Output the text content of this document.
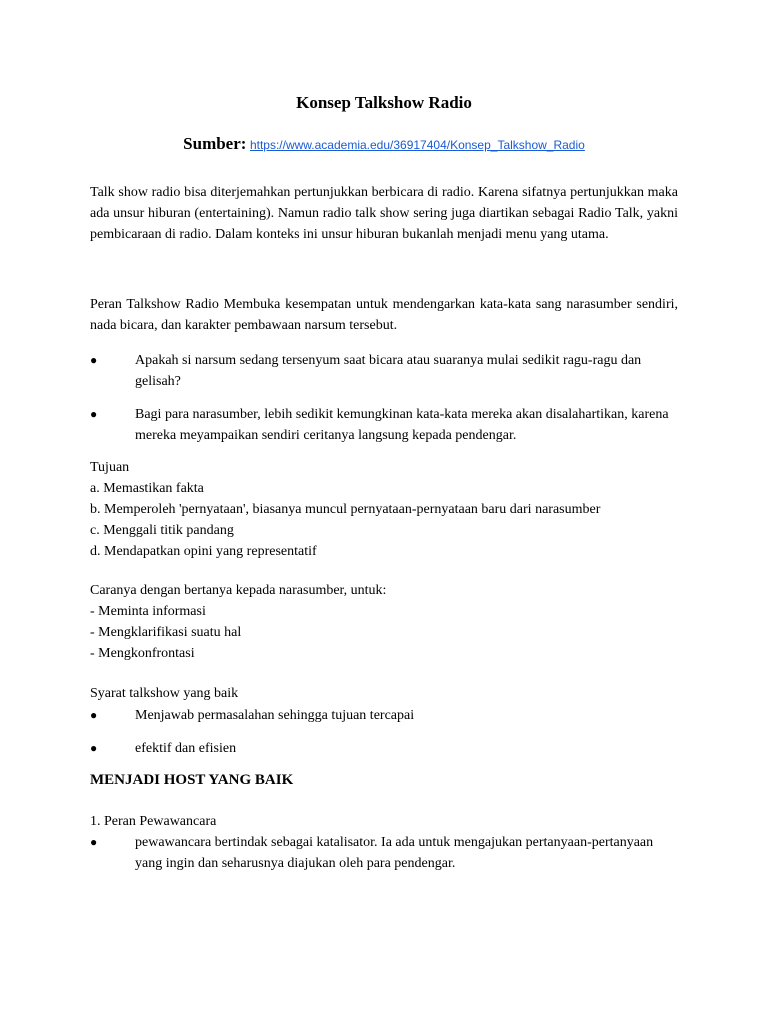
Konsep Talkshow Radio
Sumber: https://www.academia.edu/36917404/Konsep_Talkshow_Radio

Talk show radio bisa diterjemahkan pertunjukkan berbicara di radio. Karena sifatnya pertunjukkan maka ada unsur hiburan (entertaining). Namun radio talk show sering juga diartikan sebagai Radio Talk, yakni pembicaraan di radio. Dalam konteks ini unsur hiburan bukanlah menjadi menu yang utama.

Peran Talkshow Radio Membuka kesempatan untuk mendengarkan kata-kata sang narasumber sendiri, nada bicara, dan karakter pembawaan narsum tersebut.

●	Apakah si narsum sedang tersenyum saat bicara atau suaranya mulai sedikit ragu-ragu dan gelisah?
●	Bagi para narasumber, lebih sedikit kemungkinan kata-kata mereka akan disalahartikan, karena mereka meyampaikan sendiri ceritanya langsung kepada pendengar.
Tujuan
a. Memastikan fakta
b. Memperoleh 'pernyataan', biasanya muncul pernyataan-pernyataan baru dari narasumber
c. Menggali titik pandang
d. Mendapatkan opini yang representatif
Caranya dengan bertanya kepada narasumber, untuk:
- Meminta informasi
- Mengklarifikasi suatu hal
- Mengkonfrontasi
Syarat talkshow yang baik
●	Menjawab permasalahan sehingga tujuan tercapai
●	efektif dan efisien
MENJADI HOST YANG BAIK
1. Peran Pewawancara
●	pewawancara bertindak sebagai katalisator. Ia ada untuk mengajukan pertanyaan-pertanyaan yang ingin dan seharusnya diajukan oleh para pendengar.
